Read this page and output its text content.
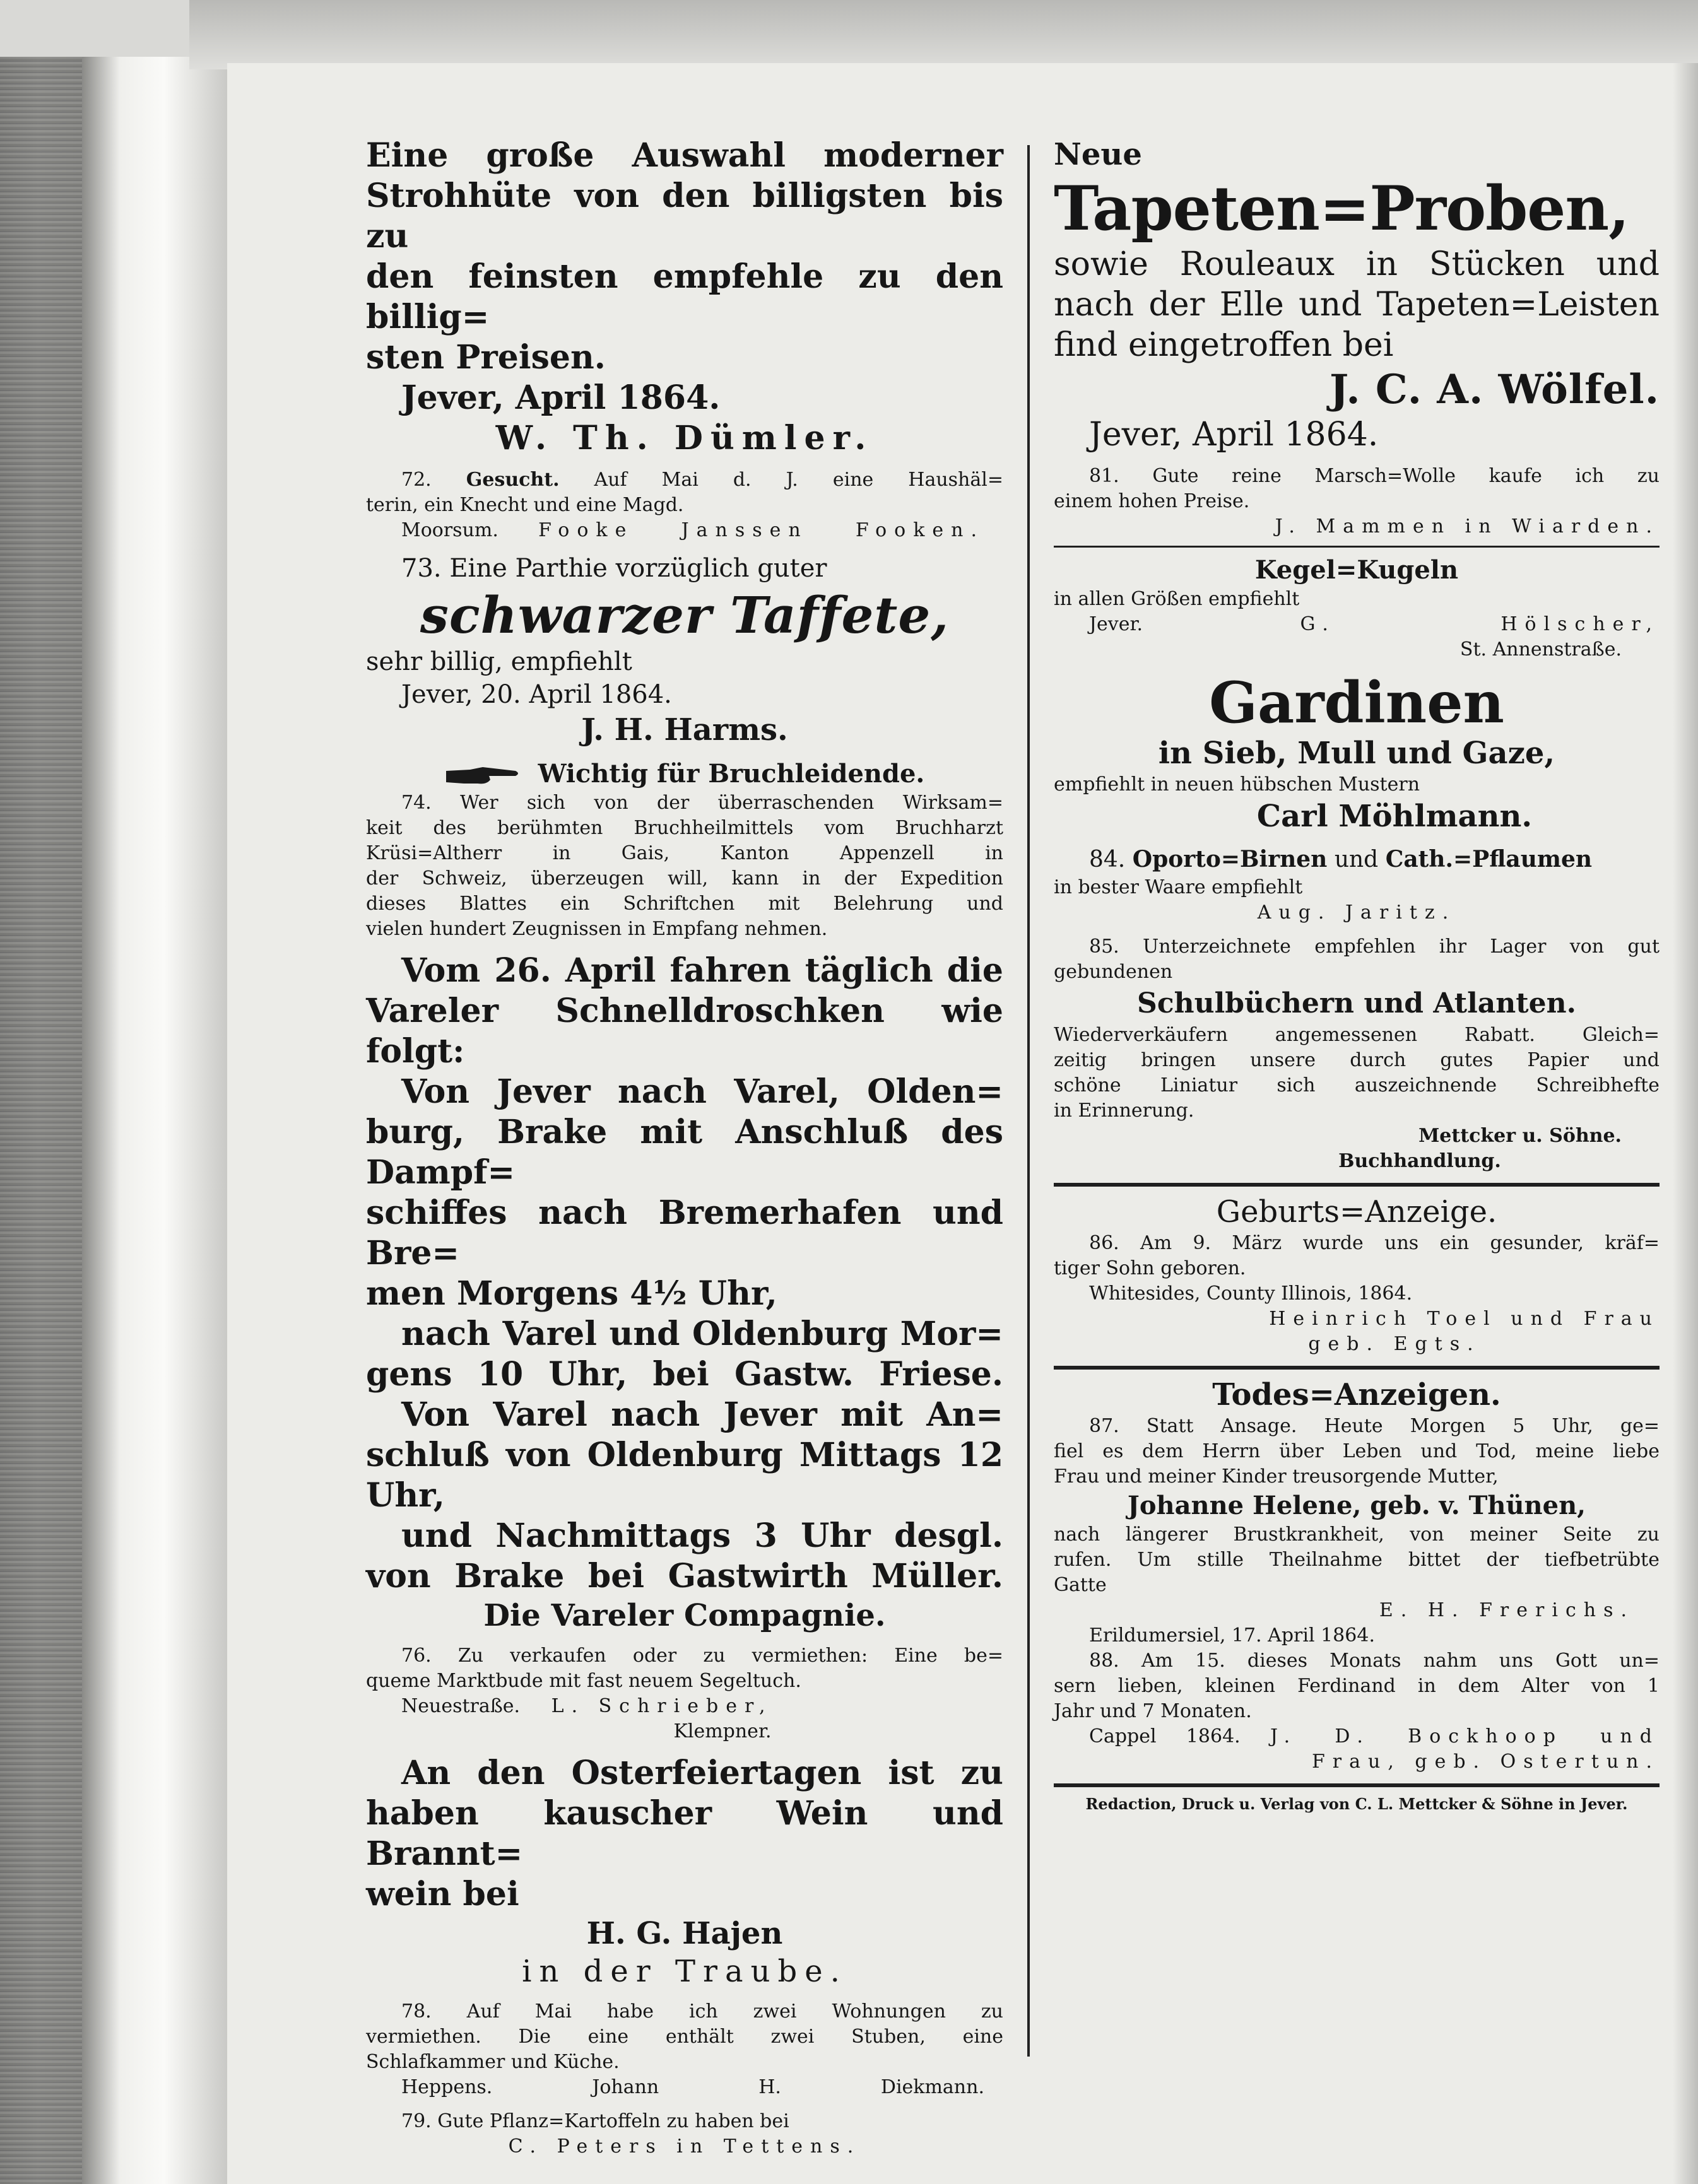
Eine große Auswahl moderner
Strohhüte von den billigsten bis zu
den feinsten empfehle zu den billig=
sten Preisen.
Jever, April 1864.
W. Th. Dümler.
72. Gesucht. Auf Mai d. J. eine Haushäl=
terin, ein Knecht und eine Magd.
Moorsum. Fooke Janssen Fooken.
73. Eine Parthie vorzüglich guter
schwarzer Taffete,
sehr billig, empfiehlt
Jever, 20. April 1864.
J. H. Harms.
Wichtig für Bruchleidende.
74. Wer sich von der überraschenden Wirksam=
keit des berühmten Bruchheilmittels vom Bruchharzt
Krüsi=Altherr in Gais, Kanton Appenzell in
der Schweiz, überzeugen will, kann in der Expedition
dieses Blattes ein Schriftchen mit Belehrung und
vielen hundert Zeugnissen in Empfang nehmen.
Vom 26. April fahren täglich die
Vareler Schnelldroschken wie folgt:
Von Jever nach Varel, Olden=
burg, Brake mit Anschluß des Dampf=
schiffes nach Bremerhafen und Bre=
men Morgens 4½ Uhr,
nach Varel und Oldenburg Mor=
gens 10 Uhr, bei Gastw. Friese.
Von Varel nach Jever mit An=
schluß von Oldenburg Mittags 12
Uhr,
und Nachmittags 3 Uhr desgl.
von Brake bei Gastwirth Müller.
Die Vareler Compagnie.
76. Zu verkaufen oder zu vermiethen: Eine be=
queme Marktbude mit fast neuem Segeltuch.
Neuestraße. L. Schrieber,
Klempner.
An den Osterfeiertagen ist zu
haben kauscher Wein und Brannt=
wein bei
H. G. Hajen
in der Traube.
78. Auf Mai habe ich zwei Wohnungen zu
vermiethen. Die eine enthält zwei Stuben, eine
Schlafkammer und Küche.
Heppens.	Johann H. Diekmann.
79. Gute Pflanz=Kartoffeln zu haben bei
C. Peters in Tettens.
Neue
Tapeten=Proben,
sowie Rouleaux in Stücken und
nach der Elle und Tapeten=Leisten
find eingetroffen bei
J. C. A. Wölfel.
Jever, April 1864.
81. Gute reine Marsch=Wolle kaufe ich zu
einem hohen Preise.
J. Mammen in Wiarden.
Kegel=Kugeln
in allen Größen empfiehlt
Jever.	G. Hölscher,
St. Annenstraße.
Gardinen
in Sieb, Mull und Gaze,
empfiehlt in neuen hübschen Mustern
Carl Möhlmann.
84. Oporto=Birnen und Cath.=Pflaumen
in bester Waare empfiehlt
Aug. Jaritz.
85. Unterzeichnete empfehlen ihr Lager von gut
gebundenen
Schulbüchern und Atlanten.
Wiederverkäufern angemessenen Rabatt. Gleich=
zeitig bringen unsere durch gutes Papier und
schöne Liniatur sich auszeichnende Schreibhefte
in Erinnerung.
Mettcker u. Söhne.
Buchhandlung.
Geburts=Anzeige.
86. Am 9. März wurde uns ein gesunder, kräf=
tiger Sohn geboren.
Whitesides, County Illinois, 1864.
Heinrich Toel und Frau
geb. Egts.
Todes=Anzeigen.
87. Statt Ansage. Heute Morgen 5 Uhr, ge=
fiel es dem Herrn über Leben und Tod, meine liebe
Frau und meiner Kinder treusorgende Mutter,
Johanne Helene, geb. v. Thünen,
nach längerer Brustkrankheit, von meiner Seite zu
rufen. Um stille Theilnahme bittet der tiefbetrübte
Gatte
E. H. Frerichs.
Erildumersiel, 17. April 1864.
88. Am 15. dieses Monats nahm uns Gott un=
sern lieben, kleinen Ferdinand in dem Alter von 1
Jahr und 7 Monaten.
Cappel 1864. J. D. Bockhoop und
Frau, geb. Ostertun.
Redaction, Druck u. Verlag von C. L. Mettcker & Söhne in Jever.
